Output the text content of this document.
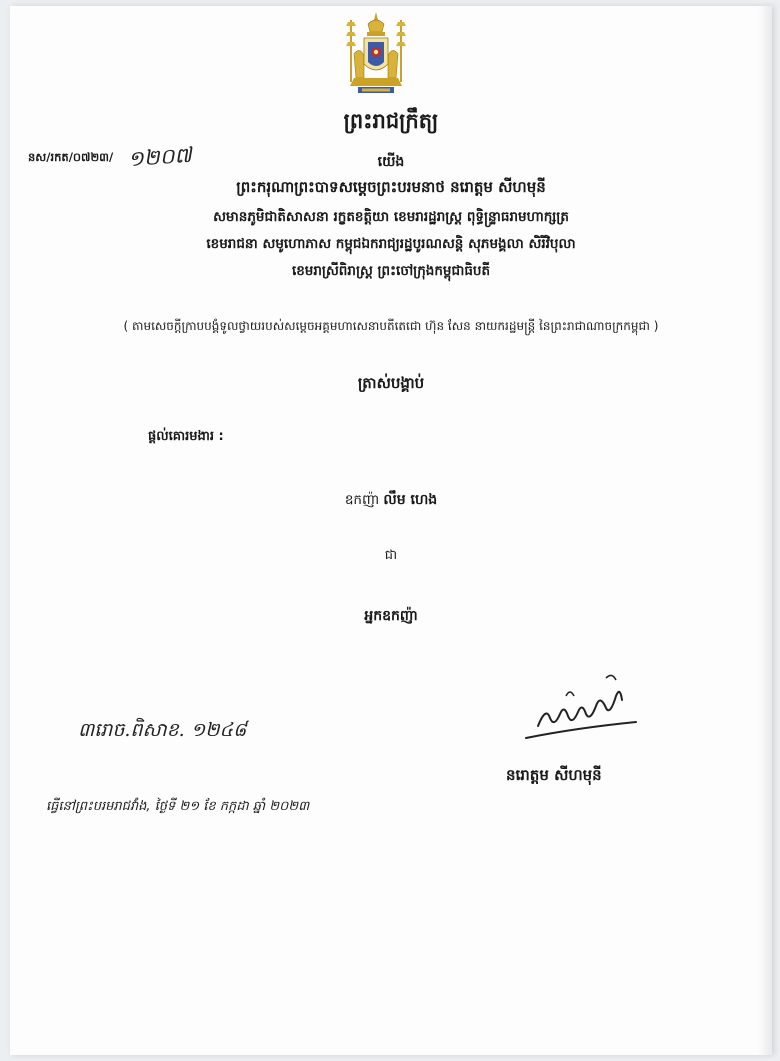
ព្រះរាជក្រឹត្យ
នស/រកត/០៧២៣/ ១២០៧	យើង
ព្រះករុណាព្រះបាទសម្តេចព្រះបរមនាថ នរោត្តម សីហមុនី
សមានភូមិជាតិសាសនា រក្ខតខត្តិយា ខេមរារដ្ឋរាស្ត្រ ពុទ្ធិន្ទ្រាធរាមហាក្សត្រ
ខេមរាជនា សមូហោភាស កម្ពុជឯករាជ្យរដ្ឋបូរណសន្តិ សុភមង្គលា សិរីវិបុលា
ខេមរាស្រីពិរាស្ត្រ ព្រះចៅក្រុងកម្ពុជាធិបតី
( តាមសេចក្តីក្រាបបង្គំទូលថ្វាយរបស់សម្តេចអគ្គមហាសេនាបតីតេជោ ហ៊ុន សែន នាយករដ្ឋមន្ត្រី នៃព្រះរាជាណាចក្រកម្ពុជា )
ត្រាស់បង្គាប់
ផ្តល់គោរមងារ :
ឧកញ៉ា លឹម ហេង
ជា
អ្នកឧកញ៉ា
៣រោច.ពិសាខ. ១២៤៨
នរោត្តម សីហមុនី
ធ្វើនៅព្រះបរមរាជវាំង, ថ្ងៃទី ២១ ខែ កក្កដា ឆ្នាំ ២០២៣
